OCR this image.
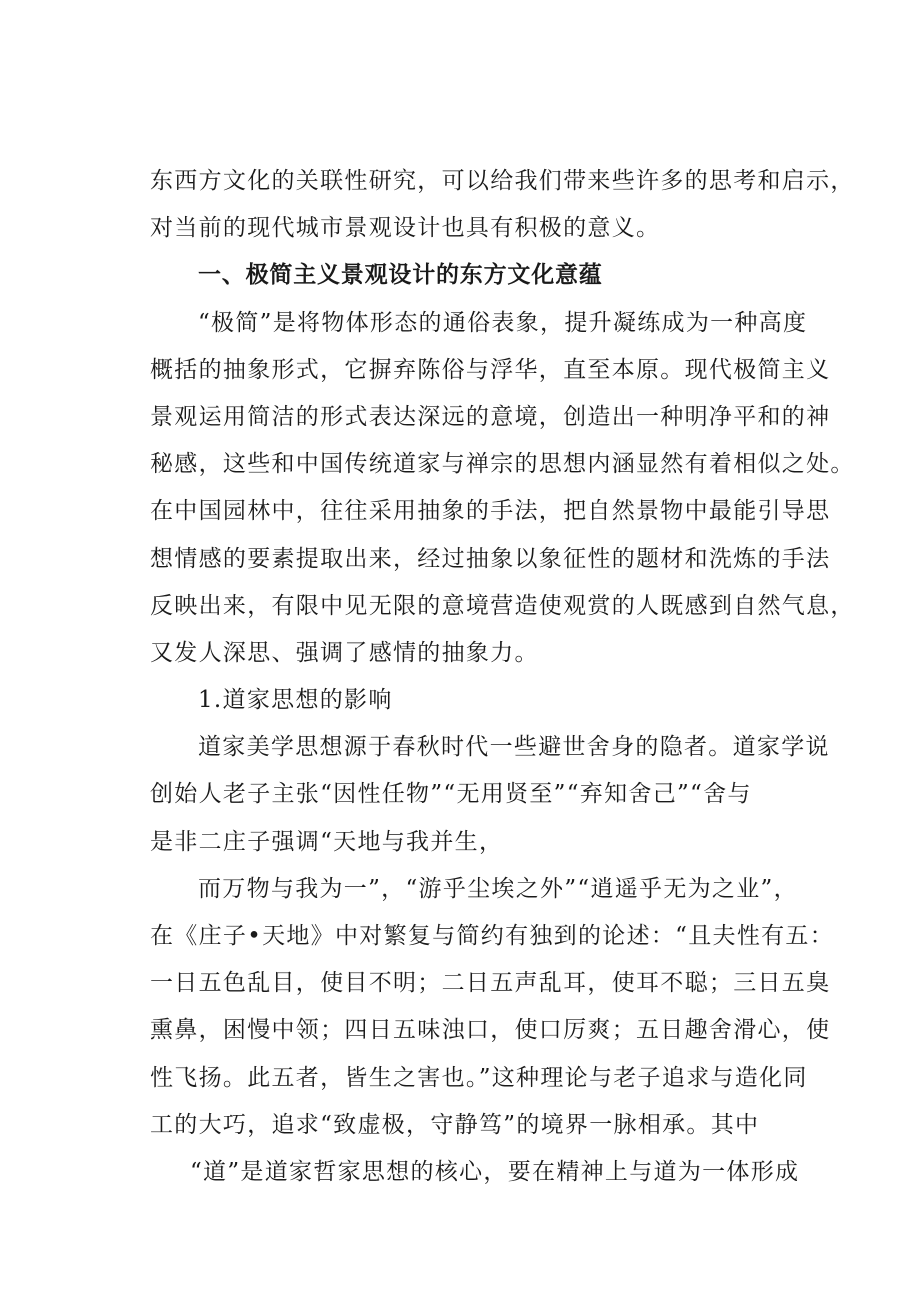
东西方文化的关联性研究，可以给我们带来些许多的思考和启示，
对当前的现代城市景观设计也具有积极的意义。
一、极简主义景观设计的东方文化意蕴
“极简”是将物体形态的通俗表象，提升凝练成为一种高度
概括的抽象形式，它摒弃陈俗与浮华，直至本原。现代极简主义
景观运用简洁的形式表达深远的意境，创造出一种明净平和的神
秘感，这些和中国传统道家与禅宗的思想内涵显然有着相似之处。
在中国园林中，往往采用抽象的手法，把自然景物中最能引导思
想情感的要素提取出来，经过抽象以象征性的题材和洗炼的手法
反映出来，有限中见无限的意境营造使观赏的人既感到自然气息，
又发人深思、强调了感情的抽象力。
1.道家思想的影响
道家美学思想源于春秋时代一些避世舍身的隐者。道家学说
创始人老子主张“因性任物”“无用贤至”“弃知舍己”“舍与
是非二庄子强调“天地与我并生，
而万物与我为一”，“游乎尘埃之外”“逍遥乎无为之业”，
在《庄子•天地》中对繁复与简约有独到的论述：“且夫性有五：
一日五色乱目，使目不明；二日五声乱耳，使耳不聪；三日五臭
熏鼻，困慢中领；四日五味浊口，使口厉爽；五日趣舍滑心，使
性飞扬。此五者，皆生之害也。”这种理论与老子追求与造化同
工的大巧，追求“致虚极，守静笃”的境界一脉相承。其中
“道”是道家哲家思想的核心，要在精神上与道为一体形成
